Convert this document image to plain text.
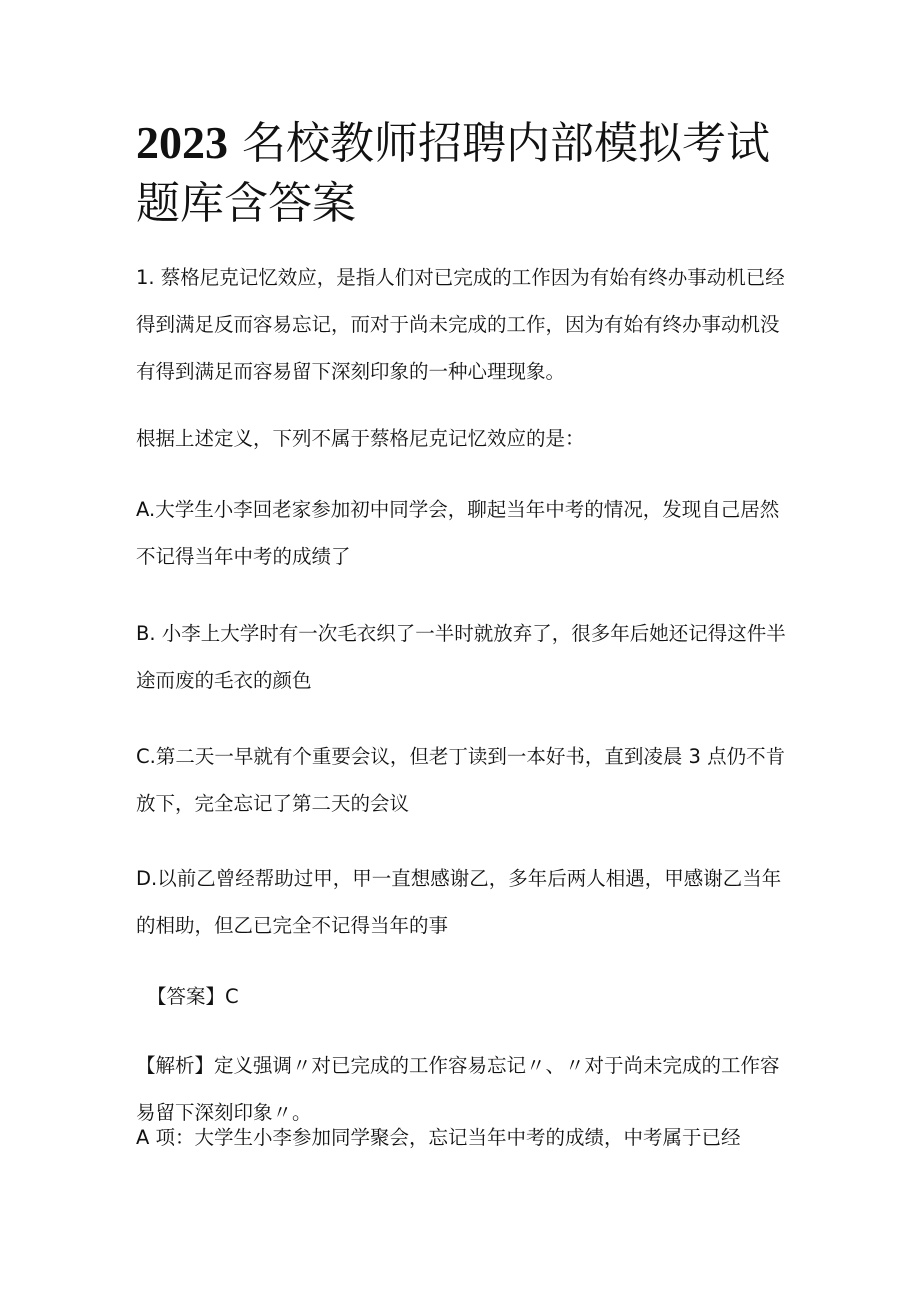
2023 名校教师招聘内部模拟考试题库含答案

1. 蔡格尼克记忆效应，是指人们对已完成的工作因为有始有终办事动机已经得到满足反而容易忘记，而对于尚未完成的工作，因为有始有终办事动机没有得到满足而容易留下深刻印象的一种心理现象。

根据上述定义，下列不属于蔡格尼克记忆效应的是：

A.大学生小李回老家参加初中同学会，聊起当年中考的情况，发现自己居然不记得当年中考的成绩了

B. 小李上大学时有一次毛衣织了一半时就放弃了，很多年后她还记得这件半途而废的毛衣的颜色

C.第二天一早就有个重要会议，但老丁读到一本好书，直到凌晨 3 点仍不肯放下，完全忘记了第二天的会议

D.以前乙曾经帮助过甲，甲一直想感谢乙，多年后两人相遇，甲感谢乙当年的相助，但乙已完全不记得当年的事

【答案】C

【解析】定义强调〃对已完成的工作容易忘记〃、〃对于尚未完成的工作容易留下深刻印象〃。

A 项：大学生小李参加同学聚会，忘记当年中考的成绩，中考属于已经
